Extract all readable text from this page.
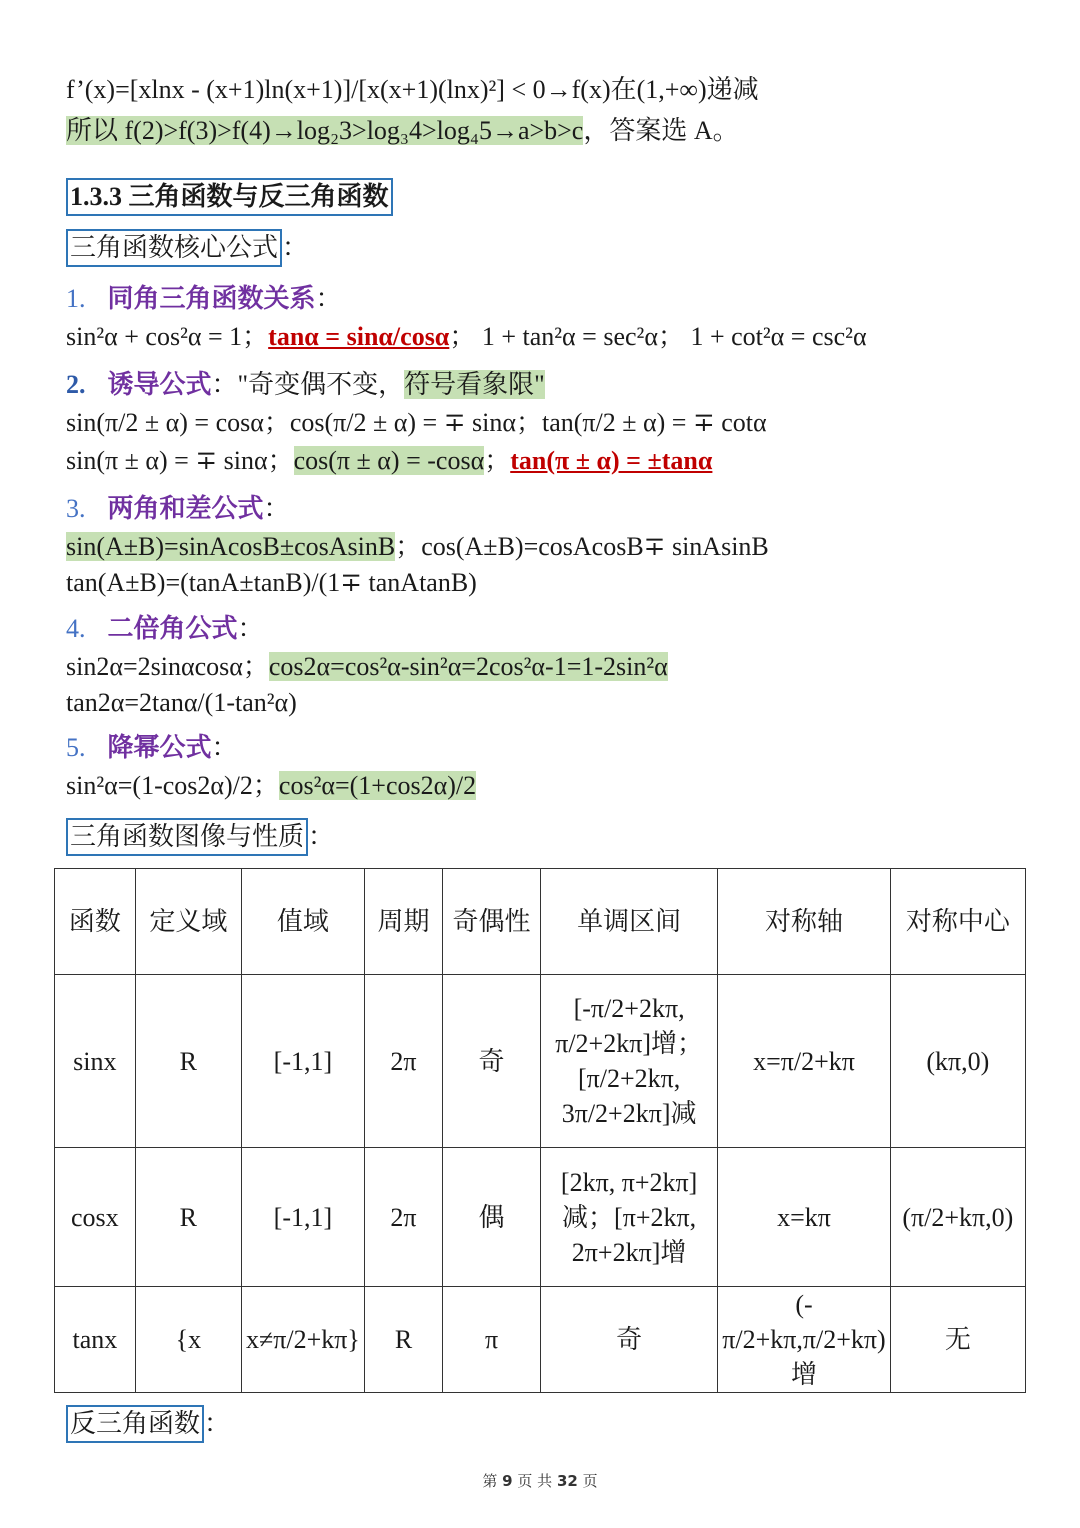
f’(x)=[xlnx - (x+1)ln(x+1)]/[x(x+1)(lnx)²] < 0→f(x)在(1,+∞)递减
所以 f(2)>f(3)>f(4)→log₂3>log₃4>log₄5→a>b>c，答案选 A。
1.3.3 三角函数与反三角函数
三角函数核心公式 ：
1. 同角三角函数关系：
sin²α + cos²α = 1；tanα = sinα/cosα； 1 + tan²α = sec²α； 1 + cot²α = csc²α
2. 诱导公式："奇变偶不变，符号看象限"
sin(π/2 ± α) = cosα；cos(π/2 ± α) = ∓ sinα；tan(π/2 ± α) = ∓ cotα
sin(π ± α) = ∓ sinα；cos(π ± α) = -cosα；tan(π ± α) = ±tanα
3. 两角和差公式：
sin(A±B)=sinAcosB±cosAsinB；cos(A±B)=cosAcosB∓ sinAsinB
tan(A±B)=(tanA±tanB)/(1∓ tanAtanB)
4. 二倍角公式：
sin2α=2sinαcosα；cos2α=cos²α-sin²α=2cos²α-1=1-2sin²α
tan2α=2tanα/(1-tan²α)
5. 降幂公式：
sin²α=(1-cos2α)/2；cos²α=(1+cos2α)/2
三角函数图像与性质 ：
函数	定义域	值域	周期	奇偶性	单调区间	对称轴	对称中心
sinx	R	[-1,1]	2π	奇	[-π/2+2kπ,
π/2+2kπ]增；
[π/2+2kπ,
3π/2+2kπ]减	x=π/2+kπ	(kπ,0)
cosx	R	[-1,1]	2π	偶	[2kπ, π+2kπ]
减；[π+2kπ,
2π+2kπ]增	x=kπ	(π/2+kπ,0)
tanx	{x	x≠π/2+kπ}	R	π	奇	(-π/2+kπ,π/2+kπ)增	无
反三角函数 ：
第 9 页 共 32 页
